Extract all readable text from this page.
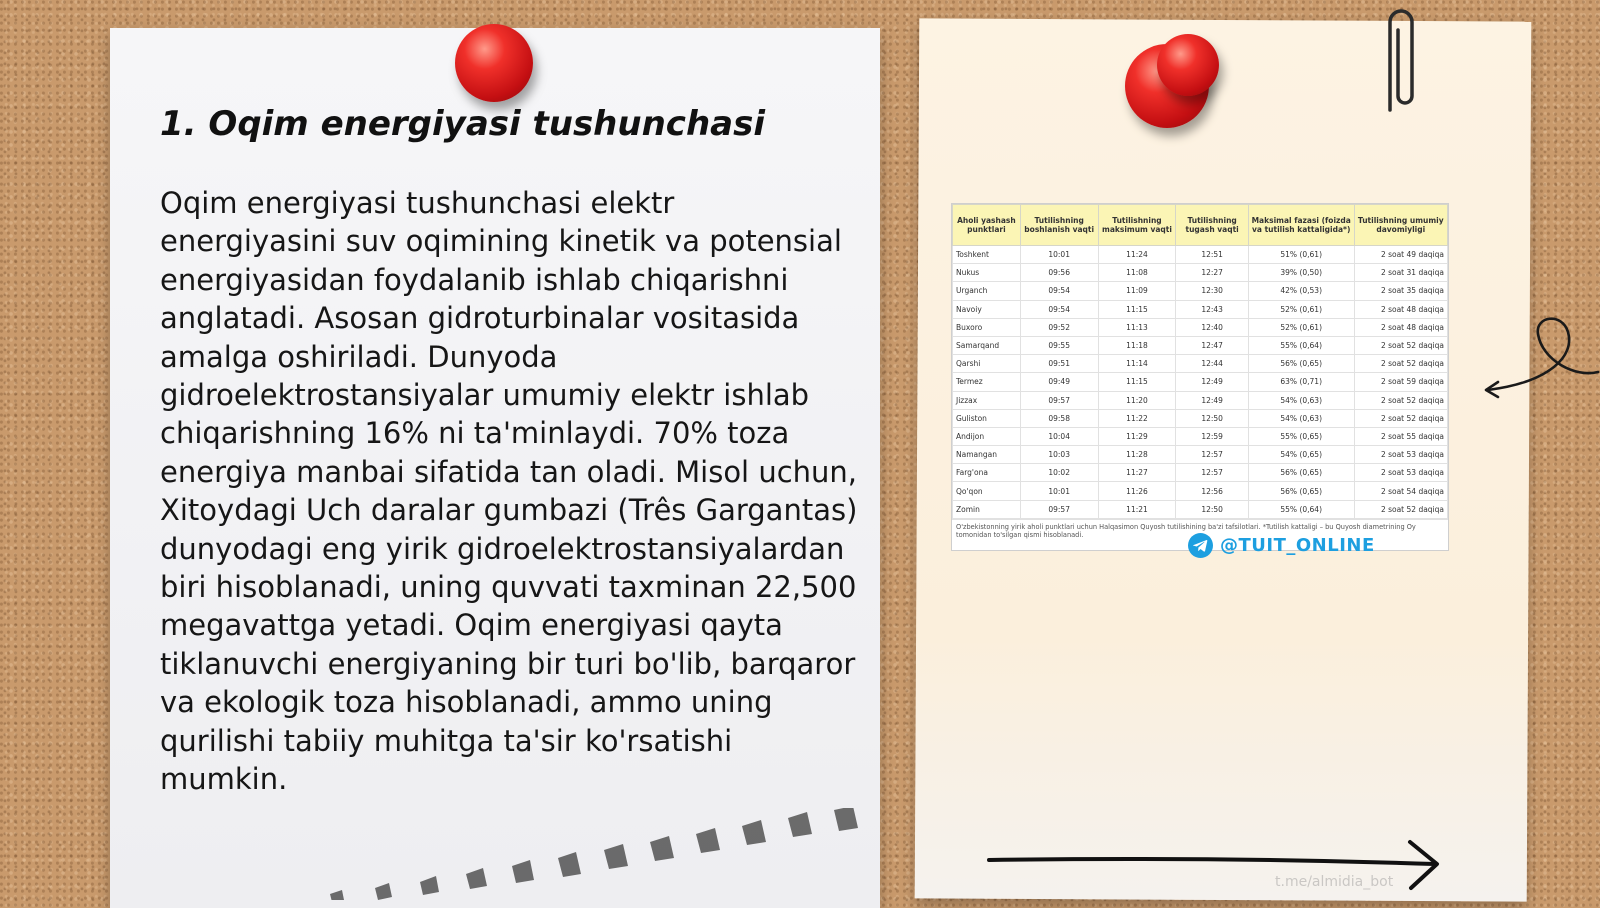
1. Oqim energiyasi tushunchasi

Oqim energiyasi tushunchasi elektr energiyasini suv oqimining kinetik va potensial energiyasidan foydalanib ishlab chiqarishni anglatadi. Asosan gidroturbinalar vositasida amalga oshiriladi. Dunyoda gidroelektrostansiyalar umumiy elektr ishlab chiqarishning 16% ni ta'minlaydi. 70% toza energiya manbai sifatida tan oladi. Misol uchun, Xitoydagi Uch daralar gumbazi (Três Gargantas) dunyodagi eng yirik gidroelektrostansiyalardan biri hisoblanadi, uning quvvati taxminan 22,500 megavattga yetadi. Oqim energiyasi qayta tiklanuvchi energiyaning bir turi bo'lib, barqaror va ekologik toza hisoblanadi, ammo uning qurilishi tabiiy muhitga ta'sir ko'rsatishi mumkin.

Aholi yashash punktlari	Tutilishning boshlanish vaqti	Tutilishning maksimum vaqti	Tutilishning tugash vaqti	Maksimal fazasi (foizda va tutilish kattaligida*)	Tutilishning umumiy davomiyligi
Toshkent	10:01	11:24	12:51	51% (0,61)	2 soat 49 daqiqa
Nukus	09:56	11:08	12:27	39% (0,50)	2 soat 31 daqiqa
Urganch	09:54	11:09	12:30	42% (0,53)	2 soat 35 daqiqa
Navoiy	09:54	11:15	12:43	52% (0,61)	2 soat 48 daqiqa
Buxoro	09:52	11:13	12:40	52% (0,61)	2 soat 48 daqiqa
Samarqand	09:55	11:18	12:47	55% (0,64)	2 soat 52 daqiqa
Qarshi	09:51	11:14	12:44	56% (0,65)	2 soat 52 daqiqa
Termez	09:49	11:15	12:49	63% (0,71)	2 soat 59 daqiqa
Jizzax	09:57	11:20	12:49	54% (0,63)	2 soat 52 daqiqa
Guliston	09:58	11:22	12:50	54% (0,63)	2 soat 52 daqiqa
Andijon	10:04	11:29	12:59	55% (0,65)	2 soat 55 daqiqa
Namangan	10:03	11:28	12:57	54% (0,65)	2 soat 53 daqiqa
Farg'ona	10:02	11:27	12:57	56% (0,65)	2 soat 53 daqiqa
Qo'qon	10:01	11:26	12:56	56% (0,65)	2 soat 54 daqiqa
Zomin	09:57	11:21	12:50	55% (0,64)	2 soat 52 daqiqa

O'zbekistonning yirik aholi punktlari uchun Halqasimon Quyosh tutilishining ba'zi tafsilotlari. *Tutilish kattaligi – bu Quyosh diametrining Oy tomonidan to'silgan qismi hisoblanadi.

@TUIT_ONLINE
t.me/almidia_bot
